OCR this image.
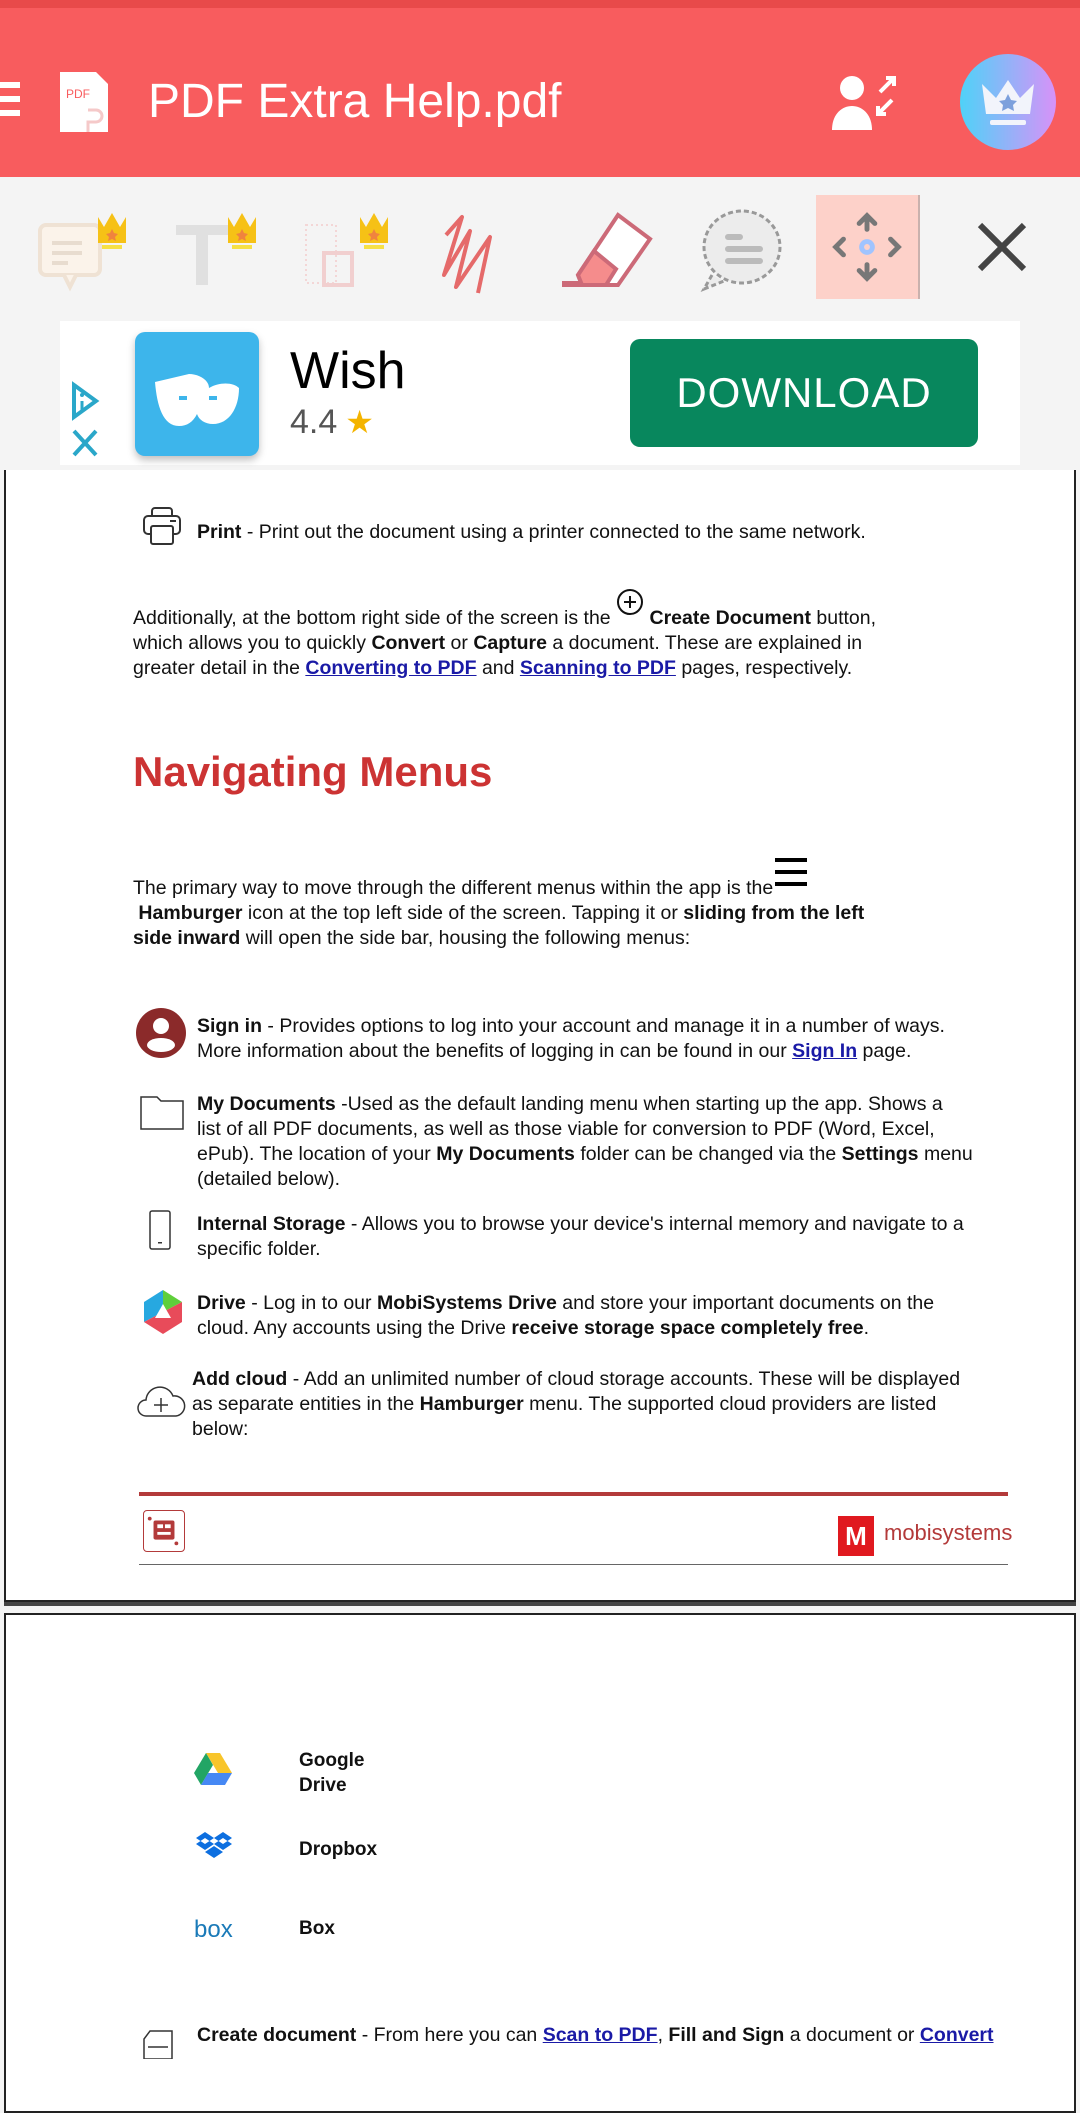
PDF PDF Extra Help.pdf
Wish
4.4 ★
DOWNLOAD
Print - Print out the document using a printer connected to the same network.
Additionally, at the bottom right side of the screen is the
Create Document button,
which allows you to quickly Convert or Capture a document. These are explained in
greater detail in the Converting to PDF and Scanning to PDF pages, respectively.
Navigating Menus
The primary way to move through the different menus within the app is the
Hamburger icon at the top left side of the screen. Tapping it or sliding from the left
side inward will open the side bar, housing the following menus:
Sign in - Provides options to log into your account and manage it in a number of ways.
More information about the benefits of logging in can be found in our Sign In page.
My Documents -Used as the default landing menu when starting up the app. Shows a
list of all PDF documents, as well as those viable for conversion to PDF (Word, Excel,
ePub). The location of your My Documents folder can be changed via the Settings menu
(detailed below).
Internal Storage - Allows you to browse your device's internal memory and navigate to a
specific folder.
Drive - Log in to our MobiSystems Drive and store your important documents on the
cloud. Any accounts using the Drive receive storage space completely free.
Add cloud - Add an unlimited number of cloud storage accounts. These will be displayed
as separate entities in the Hamburger menu. The supported cloud providers are listed
below:
M mobisystems
Google
Drive
Dropbox
box	Box
Create document - From here you can Scan to PDF, Fill and Sign a document or Convert
